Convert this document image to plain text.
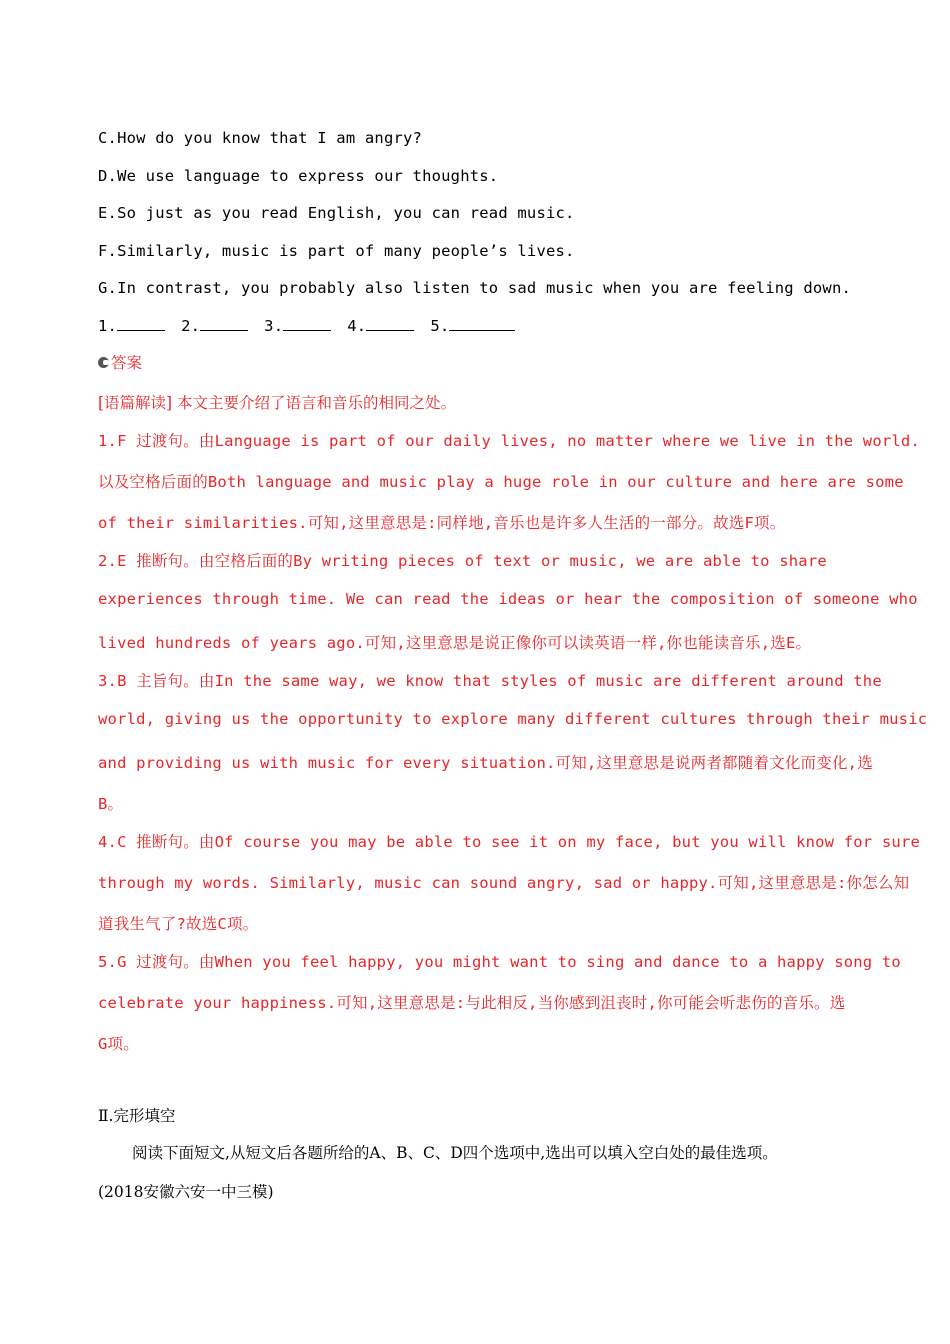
C.How do you know that I am angry?
D.We use language to express our thoughts.
E.So just as you read English, you can read music.
F.Similarly, music is part of many people’s lives.
G.In contrast, you probably also listen to sad music when you are feeling down.
1.	2.	3.	4.	5.
答案
[语篇解读] 本文主要介绍了语言和音乐的相同之处。
1.F 过渡句。由Language is part of our daily lives, no matter where we live in the world.
以及空格后面的Both language and music play a huge role in our culture and here are some
of their similarities.可知,这里意思是:同样地,音乐也是许多人生活的一部分。故选F项。
2.E 推断句。由空格后面的By writing pieces of text or music, we are able to share
experiences through time. We can read the ideas or hear the composition of someone who
lived hundreds of years ago.可知,这里意思是说正像你可以读英语一样,你也能读音乐,选E。
3.B 主旨句。由In the same way, we know that styles of music are different around the
world, giving us the opportunity to explore many different cultures through their music
and providing us with music for every situation.可知,这里意思是说两者都随着文化而变化,选
B。
4.C 推断句。由Of course you may be able to see it on my face, but you will know for sure
through my words. Similarly, music can sound angry, sad or happy.可知,这里意思是:你怎么知
道我生气了?故选C项。
5.G 过渡句。由When you feel happy, you might want to sing and dance to a happy song to
celebrate your happiness.可知,这里意思是:与此相反,当你感到沮丧时,你可能会听悲伤的音乐。选
G项。
Ⅱ.完形填空
阅读下面短文,从短文后各题所给的A、B、C、D四个选项中,选出可以填入空白处的最佳选项。
(2018安徽六安一中三模)
